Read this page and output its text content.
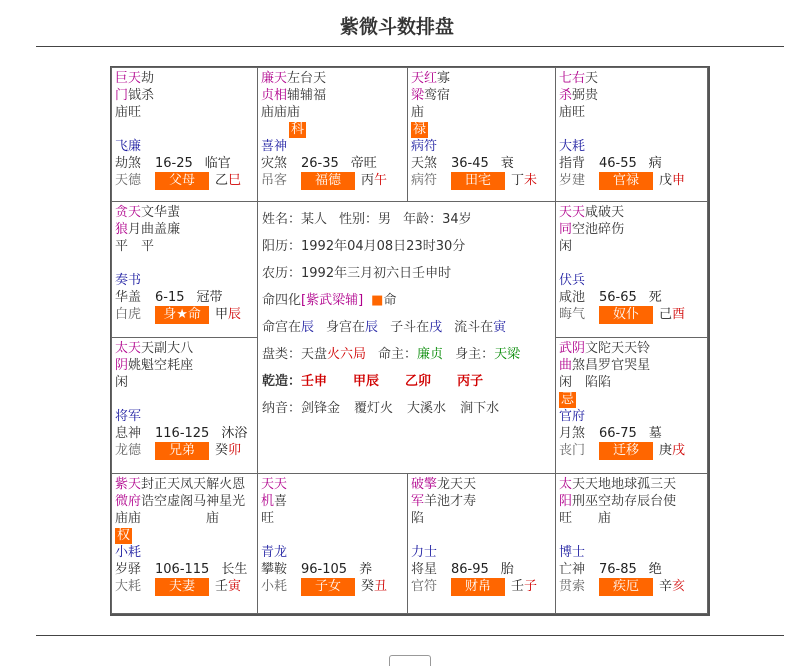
紫微斗数排盘
巨天劫
门钺杀
庙旺
飞廉
劫煞 16-25 临官
天德 父母 乙巳
廉天左台天
贞相辅辅福
庙庙庙
科
喜神
灾煞 26-35 帝旺
吊客 福德 丙午
天红寡
梁鸾宿
庙
禄
病符
天煞 36-45 衰
病符 田宅 丁未
七右天
杀弼贵
庙旺
大耗
指背 46-55 病
岁建 官禄 戊申
贪天文华蜚
狼月曲盖廉
平　平
奏书
华盖 6-15 冠带
白虎 身★命 甲辰
天天咸破天
同空池碎伤
闲
伏兵
咸池 56-65 死
晦气 奴仆 己酉
太天天副大八
阴姚魁空耗座
闲
将军
息神 116-125 沐浴
龙德 兄弟 癸卯
武阴文陀天天铃
曲煞昌罗官哭星
闲　陷陷
忌
官府
月煞 66-75 墓
丧门 迁移 庚戌
紫天封正天凤天解火恩
微府诰空虚阁马神星光
庙庙　　　　　庙
权
小耗
岁驿 106-115 长生
大耗 夫妻 壬寅
天天
机喜
旺
青龙
攀鞍 96-105 养
小耗 子女 癸丑
破擎龙天天
军羊池才寿
陷
力士
将星 86-95 胎
官符 财帛 壬子
太天天地地球孤三天
阳刑巫空劫存辰台使
旺　　庙
博士
亡神 76-85 绝
贯索 疾厄 辛亥
姓名：某人 性别：男 年龄：34岁
阳历：1992年04月08日23时30分
农历：1992年三月初六日壬申时
命四化[紫武梁辅] ■命
命宫在辰 身宫在辰 子斗在戌 流斗在寅
盘类：天盘火六局 命主：廉贞 身主：天梁
乾造：壬申 甲辰 乙卯 丙子
纳音：剑锋金 覆灯火 大溪水 涧下水
